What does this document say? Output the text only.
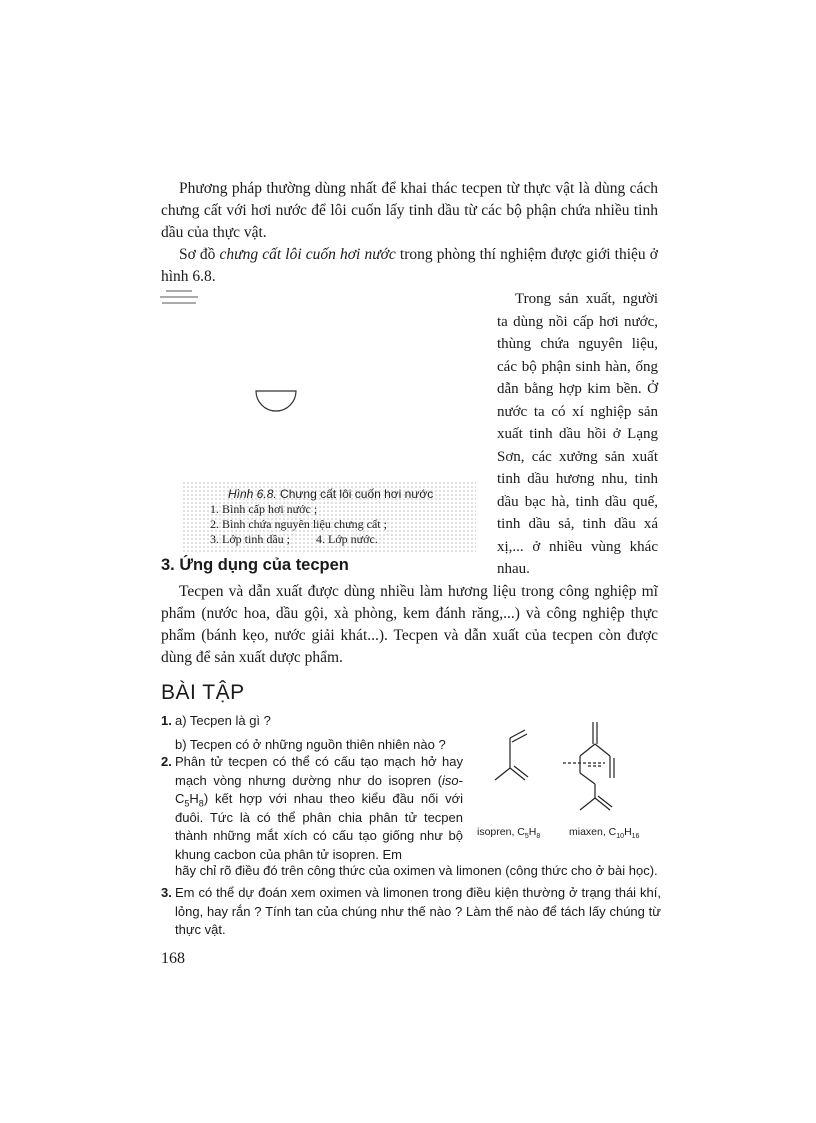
Phương pháp thường dùng nhất để khai thác tecpen từ thực vật là dùng cách chưng cất với hơi nước để lôi cuốn lấy tinh dầu từ các bộ phận chứa nhiều tinh dầu của thực vật.
Sơ đồ chưng cất lôi cuốn hơi nước trong phòng thí nghiệm được giới thiệu ở hình 6.8.
Hình 6.8. Chưng cất lôi cuốn hơi nước
1. Bình cấp hơi nước ;
2. Bình chứa nguyên liệu chưng cất ;
3. Lớp tinh dầu ; 4. Lớp nước.
Trong sản xuất, người ta dùng nồi cấp hơi nước, thùng chứa nguyên liệu, các bộ phận sinh hàn, ống dẫn bằng hợp kim bền. Ở nước ta có xí nghiệp sản xuất tinh dầu hồi ở Lạng Sơn, các xưởng sản xuất tinh dầu hương nhu, tinh dầu bạc hà, tinh dầu quế, tinh dầu sả, tinh dầu xá xị,... ở nhiều vùng khác nhau.
3. Ứng dụng của tecpen
Tecpen và dẫn xuất được dùng nhiều làm hương liệu trong công nghiệp mĩ phẩm (nước hoa, dầu gội, xà phòng, kem đánh răng,...) và công nghiệp thực phẩm (bánh kẹo, nước giải khát...). Tecpen và dẫn xuất của tecpen còn được dùng để sản xuất dược phẩm.
BÀI TẬP
1. a) Tecpen là gì ?
b) Tecpen có ở những nguồn thiên nhiên nào ?
2. Phân tử tecpen có thể có cấu tạo mạch hở hay mạch vòng nhưng dường như do isopren $(iso-C_5H_8)$ kết hợp với nhau theo kiểu đầu nối với đuôi. Tức là có thể phân chia phân tử tecpen thành những mắt xích có cấu tạo giống như bộ khung cacbon của phân tử isopren. Em
hãy chỉ rõ điều đó trên công thức của oximen và limonen (công thức cho ở bài học).
isopren, $C_5H_8$	miaxen, $C_{10}H_{16}$
3. Em có thể dự đoán xem oximen và limonen trong điều kiện thường ở trạng thái khí, lỏng, hay rắn ? Tính tan của chúng như thế nào ? Làm thế nào để tách lấy chúng từ thực vật.
168
